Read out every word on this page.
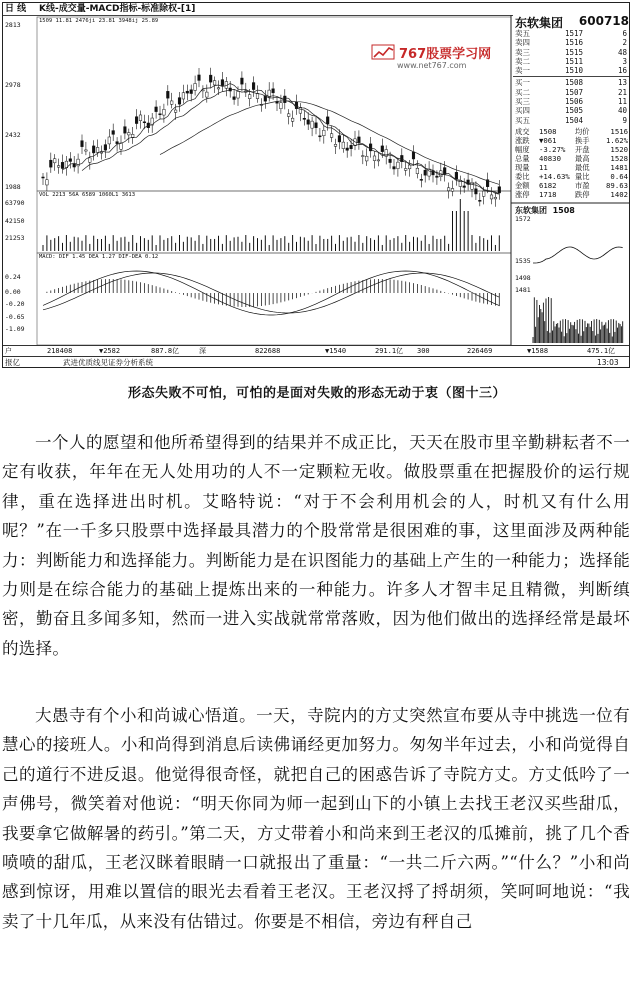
日 线 K线-成交量-MACD指标-标准除权-[1]
1509 11.81 2476ji 23.81 3948ij 25.89
2813
2978
2432
1988
VOL 2213 56A 6589 1060L1 3613
63790
42150
21253
MACD: DIF 1.45 DEA 1.27 DIF-DEA 0.12
0.24
0.00
-0.20
-0.65
-1.09
767股票学习网
www.net767.com
东软集团 600718
卖五	1517	6
卖四	1516	2
卖三	1515	48
卖二	1511	3
卖一	1510	16
买一	1508	13
买二	1507	21
买三	1506	11
买四	1505	40
买五	1504	9
成交 1508	均价	1516
涨跌 ▼061	换手 1.62%
幅度 -3.27% 开盘	1520
总量 40830 最高	1528
现量 11	最低	1481
委比 +14.63% 量比	0.64
金额 6182	市盈 89.63
涨停 1718	跌停	1402
东软集团 1508
1572
1535
1498
1481
户	218408	▼2582	887.8亿	深	822688	▼1540	291.1亿 300	226469	▼1588	475.1亿
报亿	武进优质线见证券分析系统	13:03
形态失败不可怕，可怕的是面对失败的形态无动于衷（图十三）

一个人的愿望和他所希望得到的结果并不成正比，天天在股市里辛勤耕耘者不一定有收获，年年在无人处用功的人不一定颗粒无收。做股票重在把握股价的运行规律，重在选择进出时机。艾略特说：“对于不会利用机会的人，时机又有什么用呢？”在一千多只股票中选择最具潜力的个股常常是很困难的事，这里面涉及两种能力：判断能力和选择能力。判断能力是在识图能力的基础上产生的一种能力；选择能力则是在综合能力的基础上提炼出来的一种能力。许多人才智丰足且精微，判断缜密，勤奋且多闻多知，然而一进入实战就常常落败，因为他们做出的选择经常是最坏的选择。

大愚寺有个小和尚诚心悟道。一天，寺院内的方丈突然宣布要从寺中挑选一位有慧心的接班人。小和尚得到消息后读佛诵经更加努力。匆匆半年过去，小和尚觉得自己的道行不进反退。他觉得很奇怪，就把自己的困惑告诉了寺院方丈。方丈低吟了一声佛号，微笑着对他说：“明天你同为师一起到山下的小镇上去找王老汉买些甜瓜，我要拿它做解暑的药引。”第二天，方丈带着小和尚来到王老汉的瓜摊前，挑了几个香喷喷的甜瓜，王老汉眯着眼睛一口就报出了重量：“一共二斤六两。”“什么？”小和尚感到惊讶，用难以置信的眼光去看着王老汉。王老汉捋了捋胡须，笑呵呵地说：“我卖了十几年瓜，从来没有估错过。你要是不相信，旁边有秤自己
